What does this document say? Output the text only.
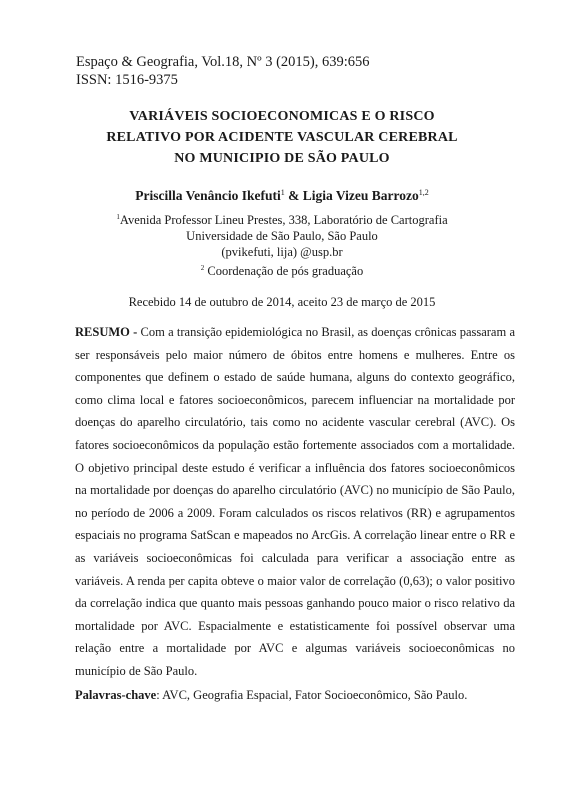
Espaço & Geografia, Vol.18, Nº 3 (2015), 639:656
ISSN: 1516-9375
VARIÁVEIS SOCIOECONOMICAS E O RISCO
RELATIVO POR ACIDENTE VASCULAR CEREBRAL
NO MUNICIPIO DE SÃO PAULO
Priscilla Venâncio Ikefuti$^1$ & Ligia Vizeu Barrozo$^{1,2}$
$^1$Avenida Professor Lineu Prestes, 338, Laboratório de Cartografia
Universidade de São Paulo, São Paulo
(pvikefuti, lija) @usp.br
$^2$ Coordenação de pós graduação
Recebido 14 de outubro de 2014, aceito 23 de março de 2015
RESUMO - Com a transição epidemiológica no Brasil, as doenças crônicas passaram a ser responsáveis pelo maior número de óbitos entre homens e mulheres. Entre os componentes que definem o estado de saúde humana, alguns do contexto geográfico, como clima local e fatores socioeconômicos, parecem influenciar na mortalidade por doenças do aparelho circulatório, tais como no acidente vascular cerebral (AVC). Os fatores socioeconômicos da população estão fortemente associados com a mortalidade. O objetivo principal deste estudo é verificar a influência dos fatores socioeconômicos na mortalidade por doenças do aparelho circulatório (AVC) no município de São Paulo, no período de 2006 a 2009. Foram calculados os riscos relativos (RR) e agrupamentos espaciais no programa SatScan e mapeados no ArcGis. A correlação linear entre o RR e as variáveis socioeconômicas foi calculada para verificar a associação entre as variáveis. A renda per capita obteve o maior valor de correlação (0,63); o valor positivo da correlação indica que quanto mais pessoas ganhando pouco maior o risco relativo da mortalidade por AVC. Espacialmente e estatisticamente foi possível observar uma relação entre a mortalidade por AVC e algumas variáveis socioeconômicas no município de São Paulo.
Palavras-chave: AVC, Geografia Espacial, Fator Socioeconômico, São Paulo.
